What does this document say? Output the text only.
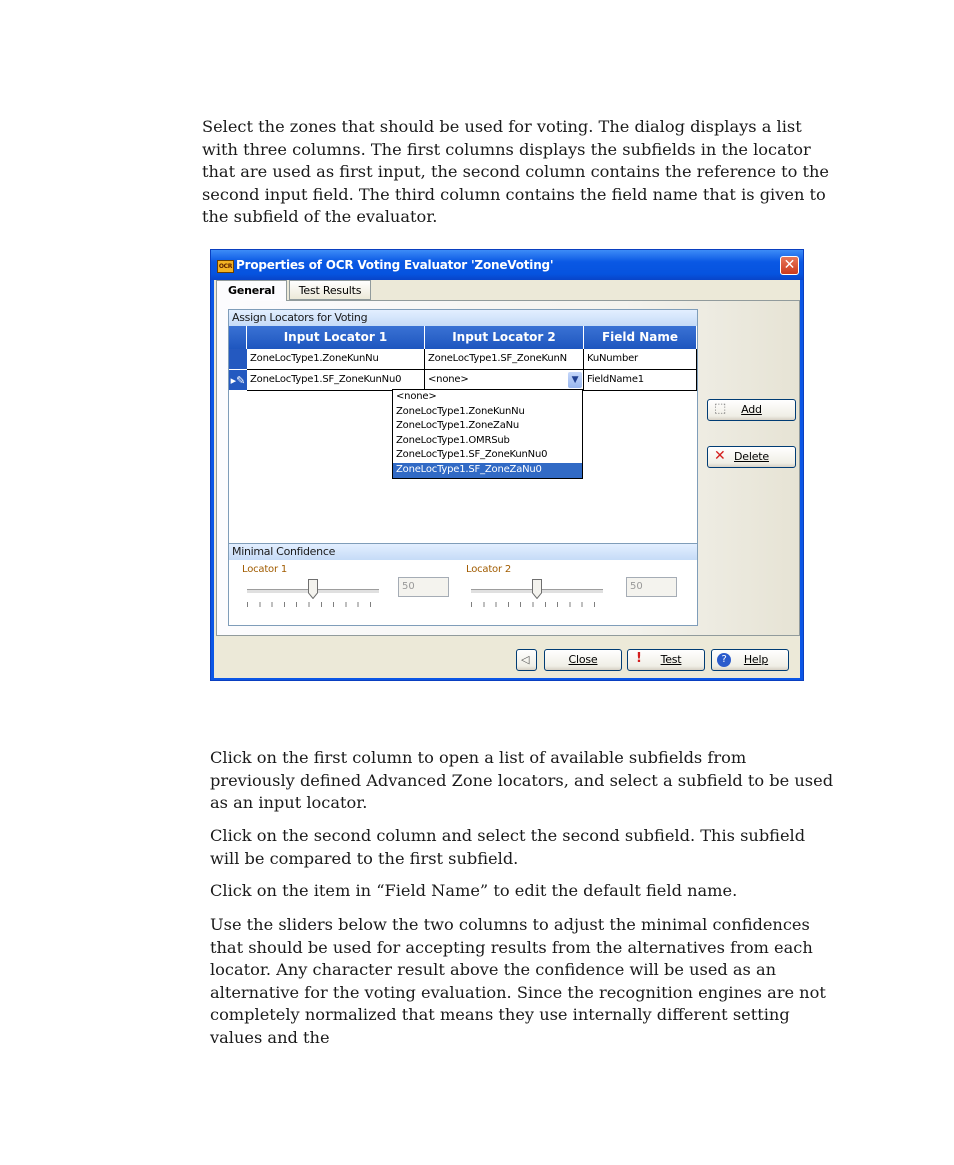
Select the zones that should be used for voting. The dialog displays a list with three columns. The first columns displays the subfields in the locator that are used as first input, the second column contains the reference to the second input field. The third column contains the field name that is given to the subfield of the evaluator.

OCR Properties of OCR Voting Evaluator 'ZoneVoting'	✕
General	Test Results
Assign Locators for Voting
Input Locator 1	Input Locator 2	Field Name
ZoneLocType1.ZoneKunNu	ZoneLocType1.SF_ZoneKunN	KuNumber
▸✎ ZoneLocType1.SF_ZoneKunNu0	<none>	▼ FieldName1
<none>
ZoneLocType1.ZoneKunNu
ZoneLocType1.ZoneZaNu
ZoneLocType1.OMRSub
ZoneLocType1.SF_ZoneKunNu0
ZoneLocType1.SF_ZoneZaNu0
Minimal Confidence
Locator 1
50
Locator 2
50
⬚	Add
✕ Delete
◁	Close	!	Test	?	Help

Click on the first column to open a list of available subfields from previously defined Advanced Zone locators, and select a subfield to be used as an input locator.

Click on the second column and select the second subfield. This subfield will be compared to the first subfield.

Click on the item in “Field Name” to edit the default field name.

Use the sliders below the two columns to adjust the minimal confidences that should be used for accepting results from the alternatives from each locator. Any character result above the confidence will be used as an alternative for the voting evaluation. Since the recognition engines are not completely normalized that means they use internally different setting values and the
